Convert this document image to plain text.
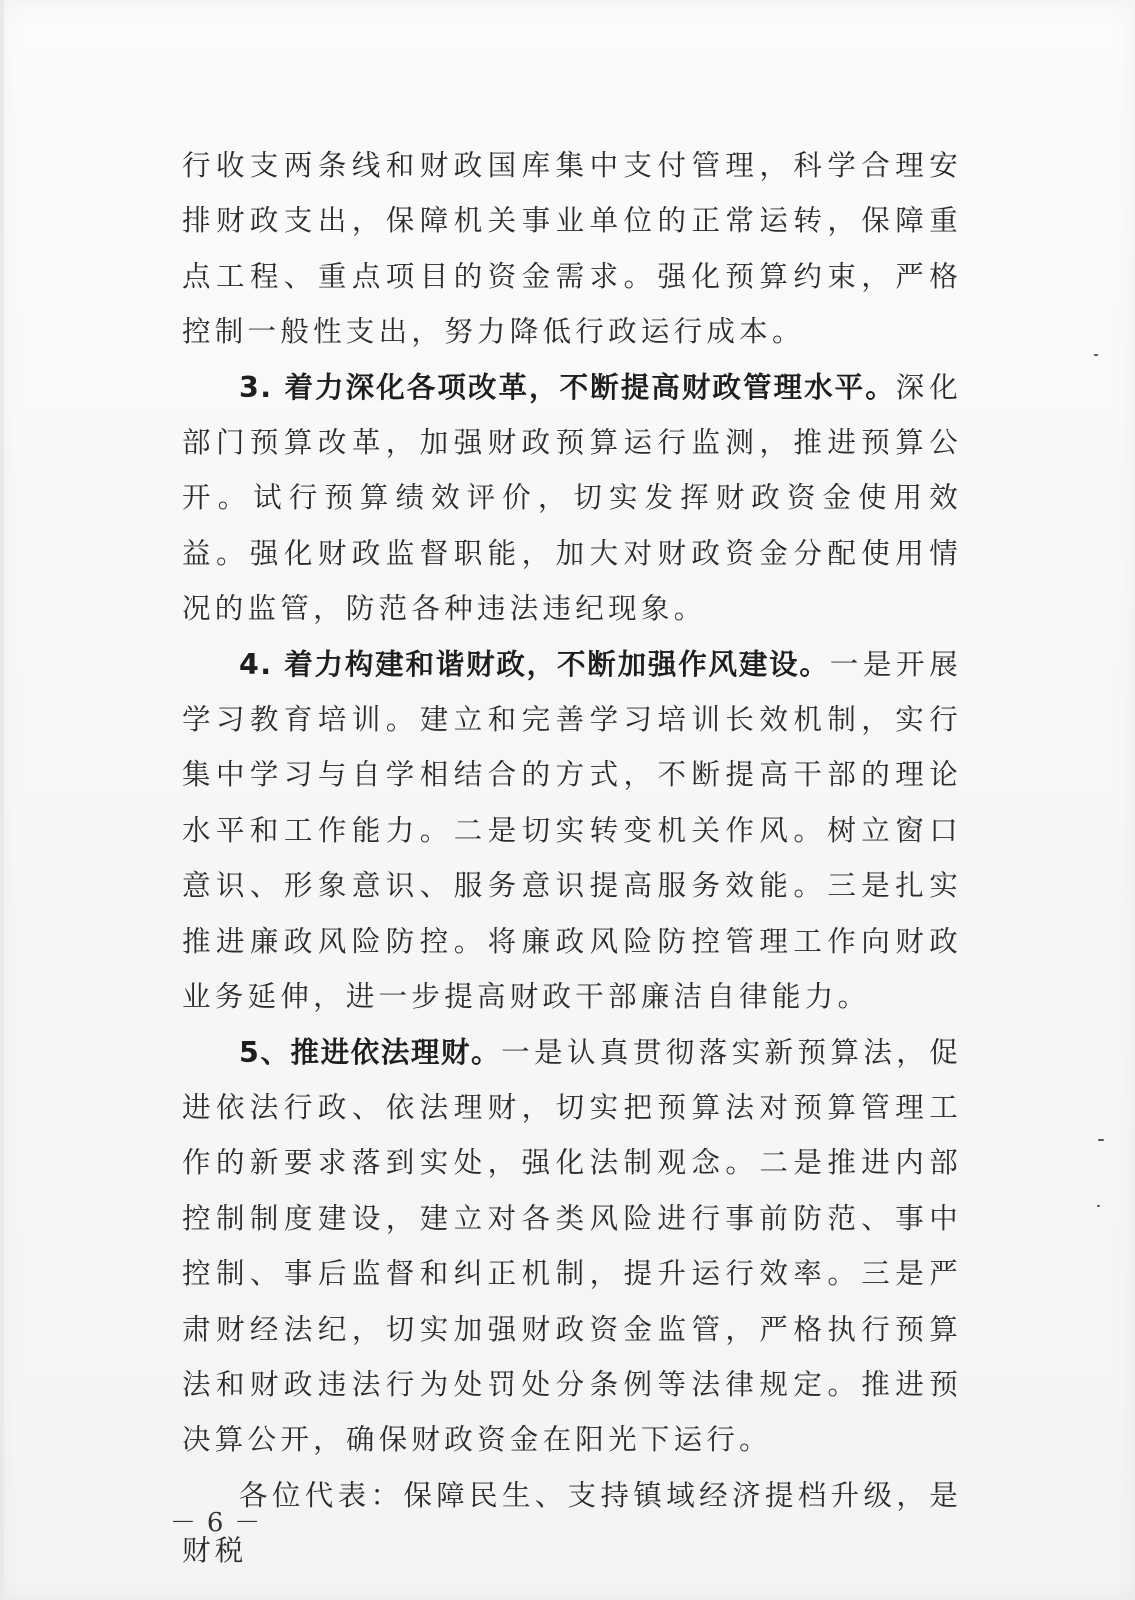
行收支两条线和财政国库集中支付管理，科学合理安排财政支出，保障机关事业单位的正常运转，保障重点工程、重点项目的资金需求。强化预算约束，严格控制一般性支出，努力降低行政运行成本。

3. 着力深化各项改革，不断提高财政管理水平。深化部门预算改革，加强财政预算运行监测，推进预算公开。试行预算绩效评价，切实发挥财政资金使用效益。强化财政监督职能，加大对财政资金分配使用情况的监管，防范各种违法违纪现象。

4. 着力构建和谐财政，不断加强作风建设。一是开展学习教育培训。建立和完善学习培训长效机制，实行集中学习与自学相结合的方式，不断提高干部的理论水平和工作能力。二是切实转变机关作风。树立窗口意识、形象意识、服务意识提高服务效能。三是扎实推进廉政风险防控。将廉政风险防控管理工作向财政业务延伸，进一步提高财政干部廉洁自律能力。

5、推进依法理财。一是认真贯彻落实新预算法，促进依法行政、依法理财，切实把预算法对预算管理工作的新要求落到实处，强化法制观念。二是推进内部控制制度建设，建立对各类风险进行事前防范、事中控制、事后监督和纠正机制，提升运行效率。三是严肃财经法纪，切实加强财政资金监管，严格执行预算法和财政违法行为处罚处分条例等法律规定。推进预决算公开，确保财政资金在阳光下运行。

各位代表：保障民生、支持镇域经济提档升级，是财税

－ 6 －
